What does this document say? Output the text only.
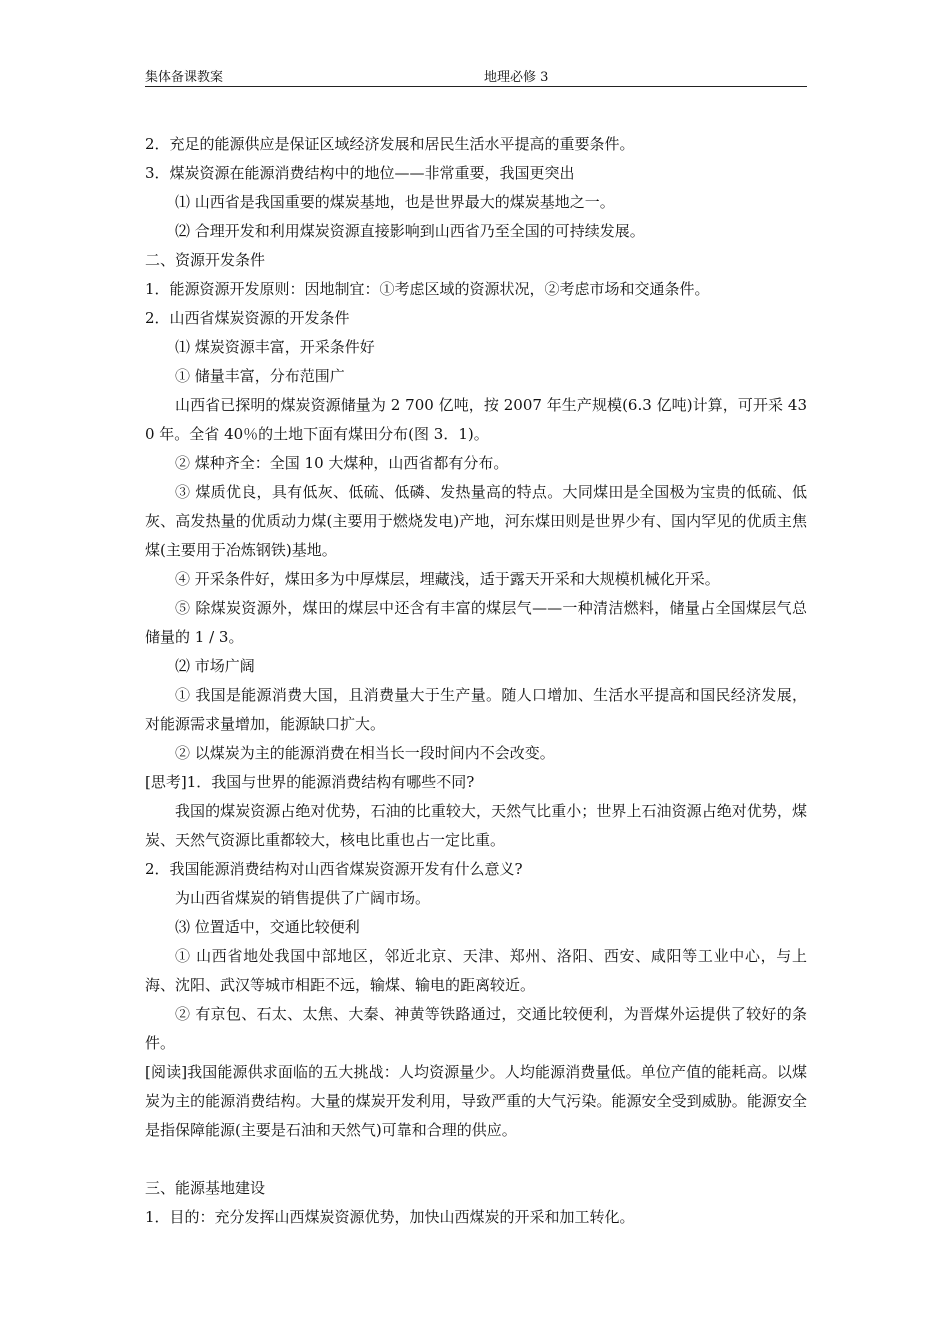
集体备课教案	地理必修 3
2．充足的能源供应是保证区域经济发展和居民生活水平提高的重要条件。
3．煤炭资源在能源消费结构中的地位——非常重要，我国更突出
⑴ 山西省是我国重要的煤炭基地，也是世界最大的煤炭基地之一。
⑵ 合理开发和利用煤炭资源直接影响到山西省乃至全国的可持续发展。
二、资源开发条件
1．能源资源开发原则：因地制宜：①考虑区域的资源状况，②考虑市场和交通条件。
2．山西省煤炭资源的开发条件
⑴ 煤炭资源丰富，开采条件好
① 储量丰富，分布范围广
山西省已探明的煤炭资源储量为 2 700 亿吨，按 2007 年生产规模(6.3 亿吨)计算，可开采 430 年。全省 40％的土地下面有煤田分布(图 3．1)。
② 煤种齐全：全国 10 大煤种，山西省都有分布。
③ 煤质优良，具有低灰、低硫、低磷、发热量高的特点。大同煤田是全国极为宝贵的低硫、低灰、高发热量的优质动力煤(主要用于燃烧发电)产地，河东煤田则是世界少有、国内罕见的优质主焦煤(主要用于冶炼钢铁)基地。
④ 开采条件好，煤田多为中厚煤层，埋藏浅，适于露天开采和大规模机械化开采。
⑤ 除煤炭资源外，煤田的煤层中还含有丰富的煤层气——一种清洁燃料，储量占全国煤层气总储量的 1 / 3。
⑵ 市场广阔
① 我国是能源消费大国，且消费量大于生产量。随人口增加、生活水平提高和国民经济发展，对能源需求量增加，能源缺口扩大。
② 以煤炭为主的能源消费在相当长一段时间内不会改变。
[思考]1．我国与世界的能源消费结构有哪些不同?
我国的煤炭资源占绝对优势，石油的比重较大，天然气比重小；世界上石油资源占绝对优势，煤炭、天然气资源比重都较大，核电比重也占一定比重。
2．我国能源消费结构对山西省煤炭资源开发有什么意义?
为山西省煤炭的销售提供了广阔市场。
⑶ 位置适中，交通比较便利
① 山西省地处我国中部地区，邻近北京、天津、郑州、洛阳、西安、咸阳等工业中心，与上海、沈阳、武汉等城市相距不远，输煤、输电的距离较近。
② 有京包、石太、太焦、大秦、神黄等铁路通过，交通比较便利，为晋煤外运提供了较好的条件。
[阅读]我国能源供求面临的五大挑战：人均资源量少。人均能源消费量低。单位产值的能耗高。以煤炭为主的能源消费结构。大量的煤炭开发利用，导致严重的大气污染。能源安全受到威胁。能源安全是指保障能源(主要是石油和天然气)可靠和合理的供应。
三、能源基地建设
1．目的：充分发挥山西煤炭资源优势，加快山西煤炭的开采和加工转化。
